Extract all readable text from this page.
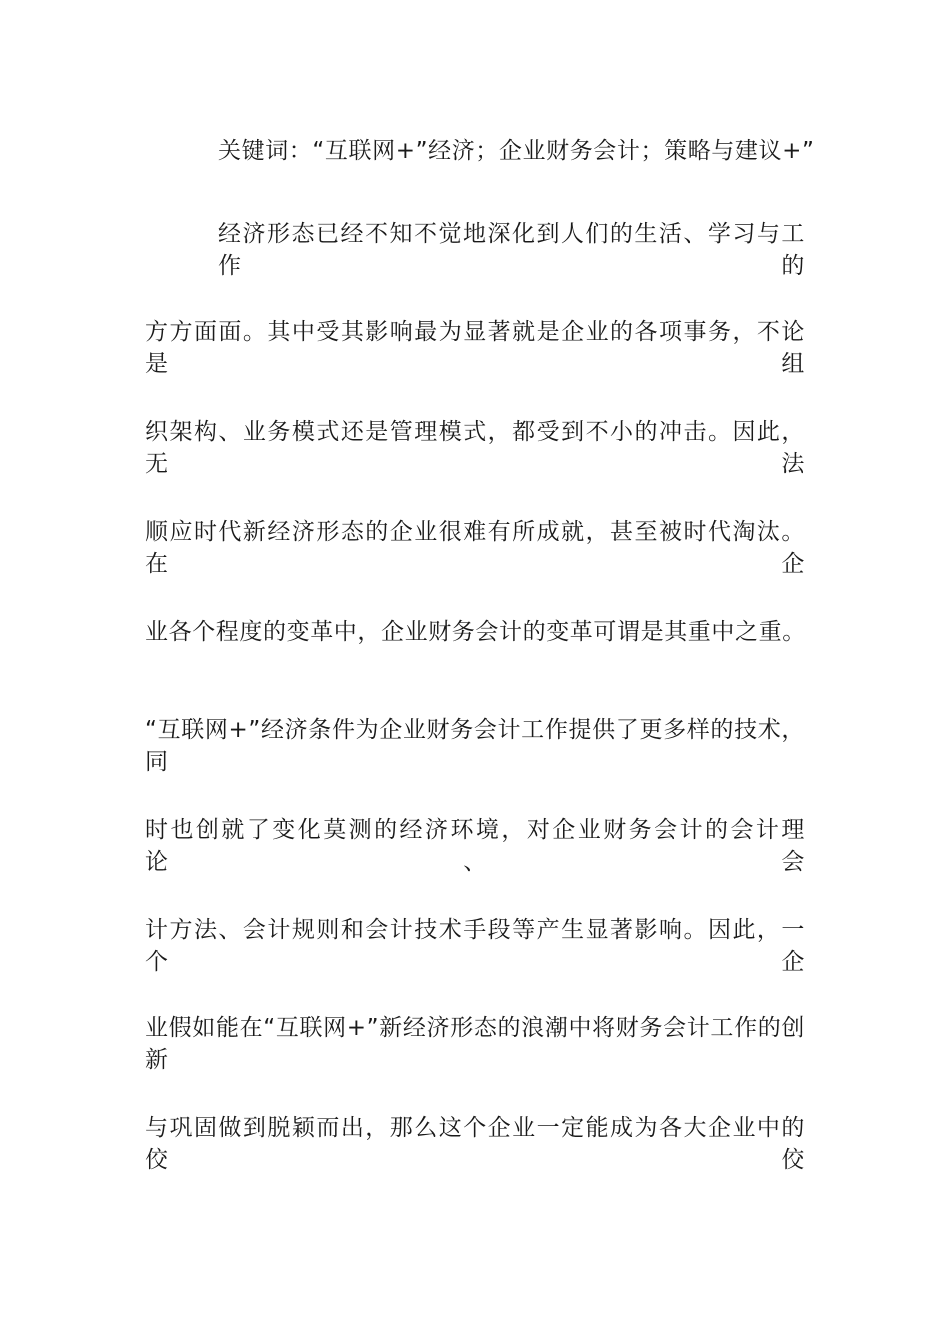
关键词：“互联网+”经济；企业财务会计；策略与建议+”
经济形态已经不知不觉地深化到人们的生活、学习与工作的
方方面面。其中受其影响最为显著就是企业的各项事务，不论是组
织架构、业务模式还是管理模式，都受到不小的冲击。因此，无法
顺应时代新经济形态的企业很难有所成就，甚至被时代淘汰。在企
业各个程度的变革中，企业财务会计的变革可谓是其重中之重。
“互联网+”经济条件为企业财务会计工作提供了更多样的技术，同
时也创就了变化莫测的经济环境，对企业财务会计的会计理论、会
计方法、会计规则和会计技术手段等产生显著影响。因此，一个企
业假如能在“互联网+”新经济形态的浪潮中将财务会计工作的创新
与巩固做到脱颖而出，那么这个企业一定能成为各大企业中的佼佼
